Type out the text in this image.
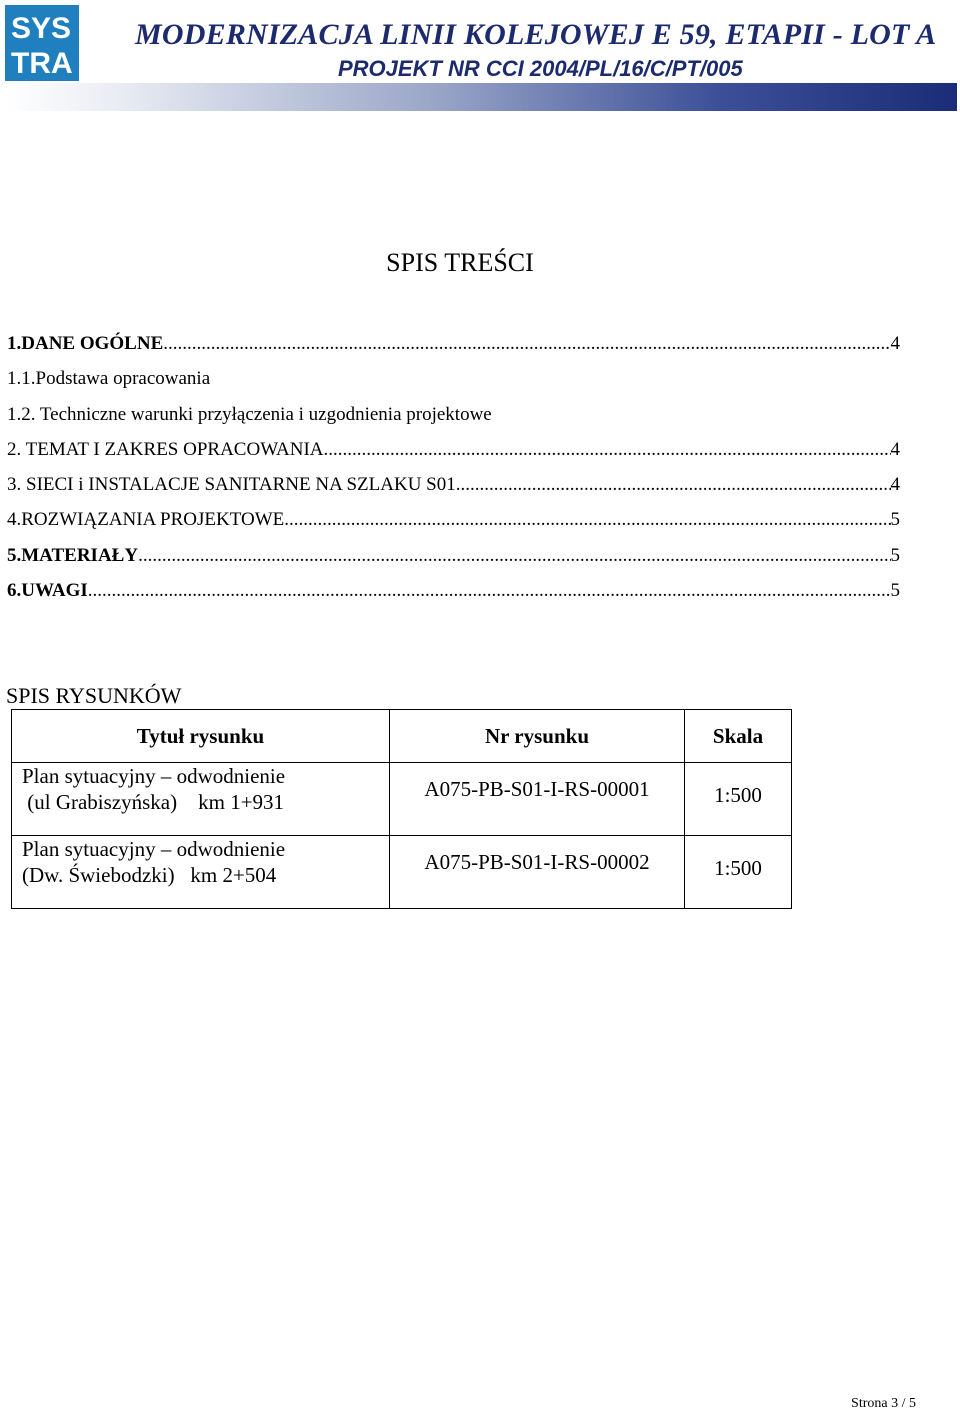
SYS
TRA
MODERNIZACJA LINII KOLEJOWEJ E 59, ETAPII - LOT A
PROJEKT NR CCI 2004/PL/16/C/PT/005
SPIS TREŚCI
1.DANE OGÓLNE .....	4
1.1.Podstawa opracowania
1.2. Techniczne warunki przyłączenia i uzgodnienia projektowe
2. TEMAT I ZAKRES OPRACOWANIA .....	4
3. SIECI i INSTALACJE SANITARNE NA SZLAKU S01 .....	4
4.ROZWIĄZANIA PROJEKTOWE .....	5
5.MATERIAŁY .....	5
6.UWAGI .....	5
SPIS RYSUNKÓW
Tytuł rysunku	Nr rysunku	Skala

Plan sytuacyjny – odwodnienie
(ul Grabiszyńska)    km 1+931	A075-PB-S01-I-RS-00001	1:500

Plan sytuacyjny – odwodnienie
(Dw. Świebodzki)   km 2+504	A075-PB-S01-I-RS-00002	1:500
Strona 3 / 5
